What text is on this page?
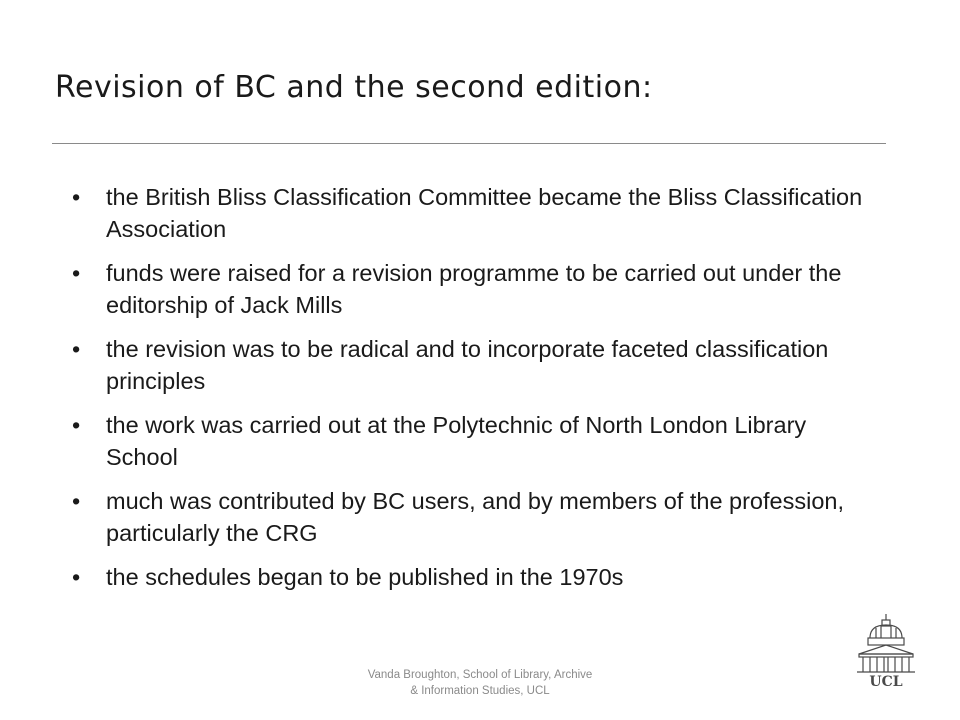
Revision of BC and the second edition:
• the British Bliss Classification Committee became the Bliss Classification Association
• funds were raised for a revision programme to be carried out under the editorship of Jack Mills
• the revision was to be radical and to incorporate faceted classification principles
• the work was carried out at the Polytechnic of North London Library School
• much was contributed by BC users, and by members of the profession, particularly the CRG
• the schedules began to be published in the 1970s
Vanda Broughton, School of Library, Archive
& Information Studies, UCL
UCL
